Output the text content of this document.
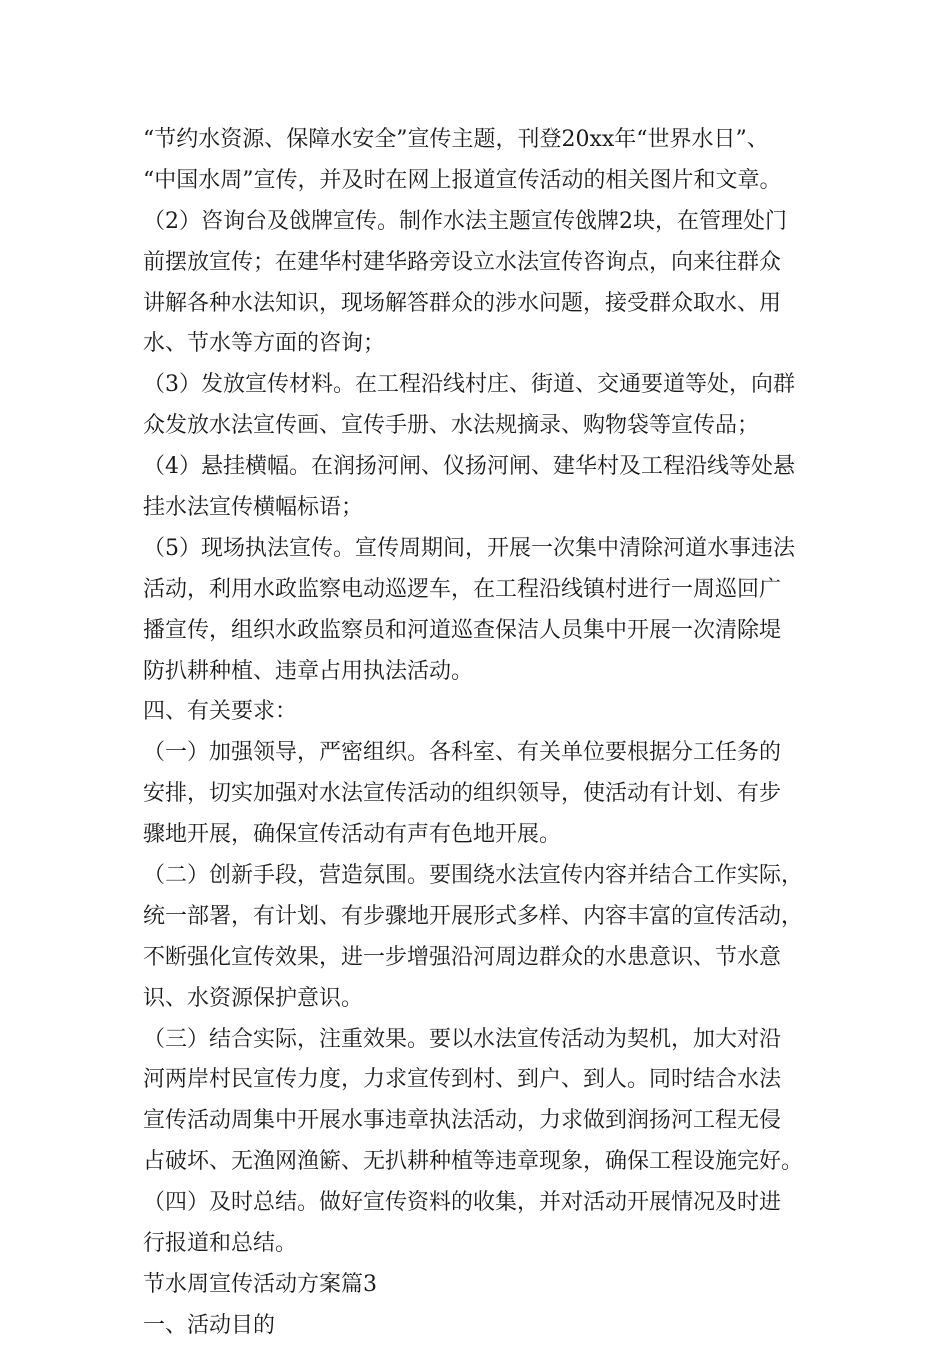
“节约水资源、保障水安全”宣传主题，刊登20xx年“世界水日”、
“中国水周”宣传，并及时在网上报道宣传活动的相关图片和文章。
（2）咨询台及戗牌宣传。制作水法主题宣传戗牌2块，在管理处门
前摆放宣传；在建华村建华路旁设立水法宣传咨询点，向来往群众
讲解各种水法知识，现场解答群众的涉水问题，接受群众取水、用
水、节水等方面的咨询；
（3）发放宣传材料。在工程沿线村庄、街道、交通要道等处，向群
众发放水法宣传画、宣传手册、水法规摘录、购物袋等宣传品；
（4）悬挂横幅。在润扬河闸、仪扬河闸、建华村及工程沿线等处悬
挂水法宣传横幅标语；
（5）现场执法宣传。宣传周期间，开展一次集中清除河道水事违法
活动，利用水政监察电动巡逻车，在工程沿线镇村进行一周巡回广
播宣传，组织水政监察员和河道巡查保洁人员集中开展一次清除堤
防扒耕种植、违章占用执法活动。
四、有关要求：
（一）加强领导，严密组织。各科室、有关单位要根据分工任务的
安排，切实加强对水法宣传活动的组织领导，使活动有计划、有步
骤地开展，确保宣传活动有声有色地开展。
（二）创新手段，营造氛围。要围绕水法宣传内容并结合工作实际，
统一部署，有计划、有步骤地开展形式多样、内容丰富的宣传活动，
不断强化宣传效果，进一步增强沿河周边群众的水患意识、节水意
识、水资源保护意识。
（三）结合实际，注重效果。要以水法宣传活动为契机，加大对沿
河两岸村民宣传力度，力求宣传到村、到户、到人。同时结合水法
宣传活动周集中开展水事违章执法活动，力求做到润扬河工程无侵
占破坏、无渔网渔簖、无扒耕种植等违章现象，确保工程设施完好。
（四）及时总结。做好宣传资料的收集，并对活动开展情况及时进
行报道和总结。
节水周宣传活动方案篇3
一、活动目的
